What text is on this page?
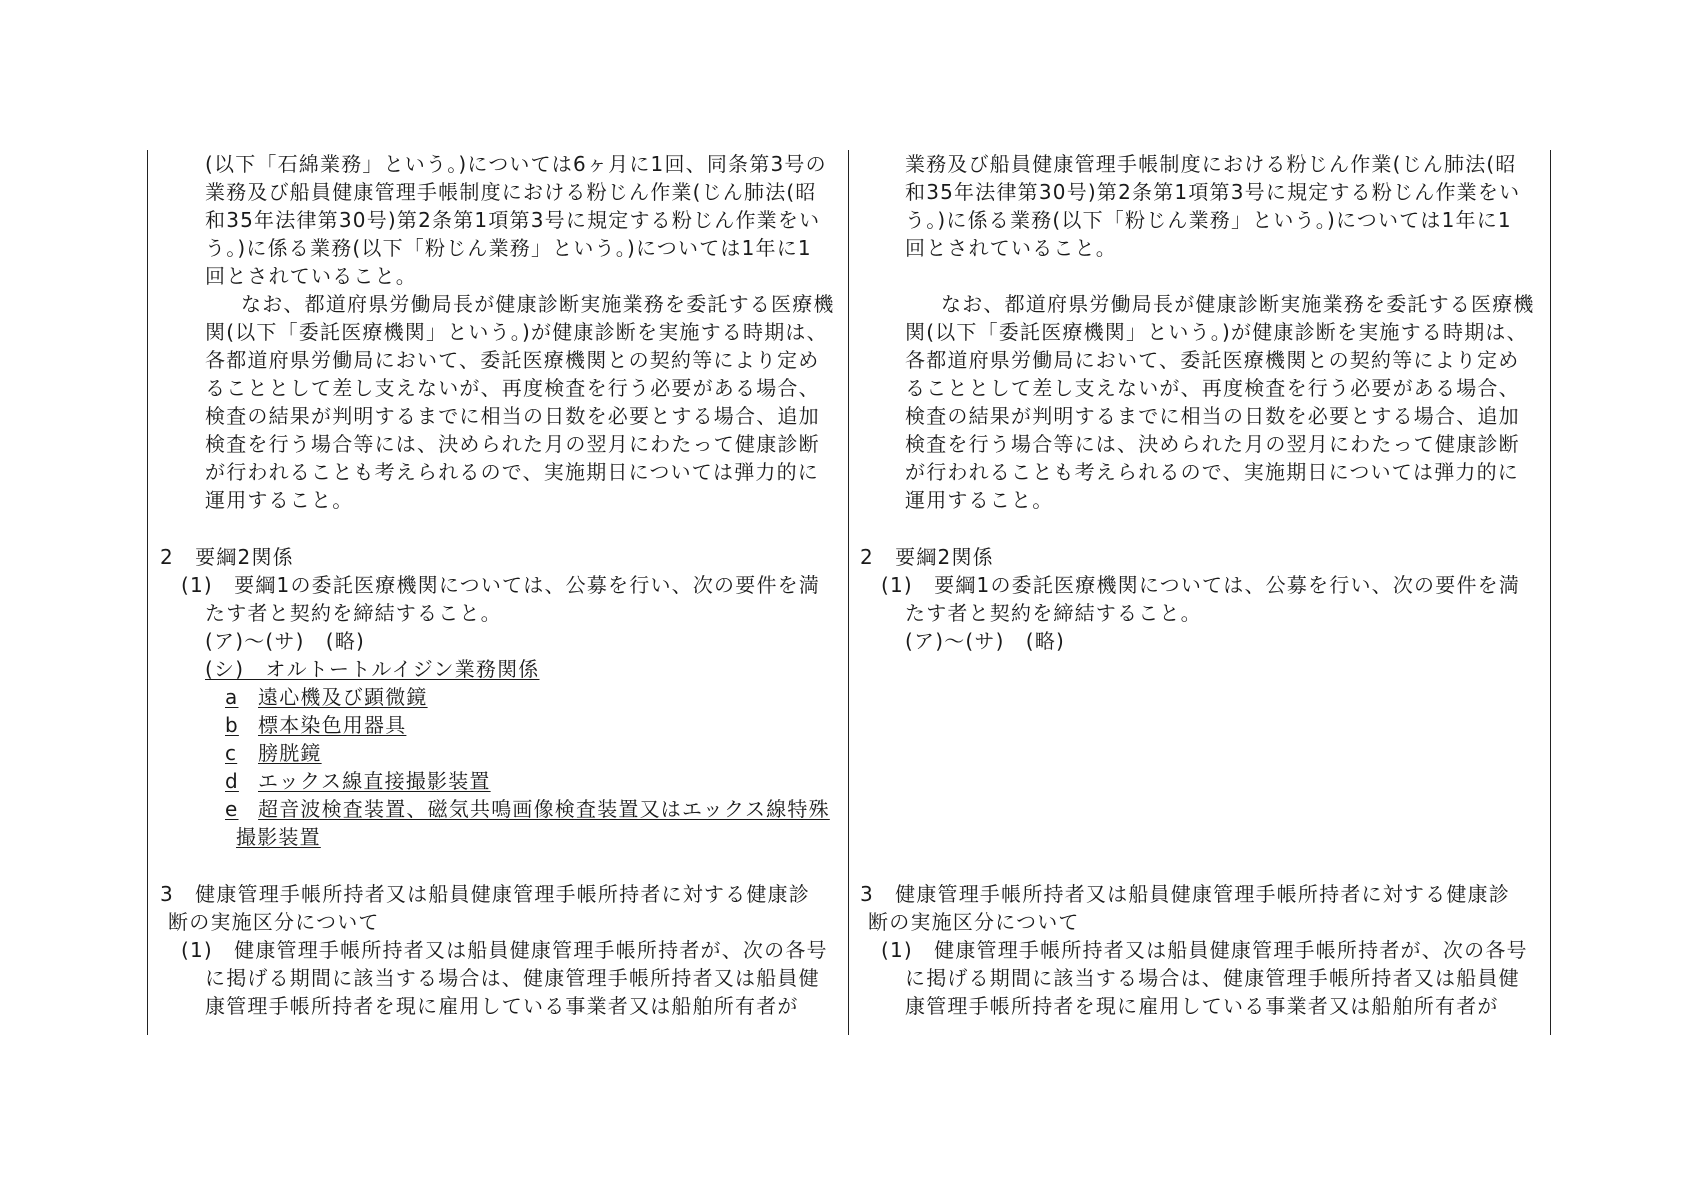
(以下「石綿業務」という。)については6ヶ月に1回、同条第3号の
業務及び船員健康管理手帳制度における粉じん作業(じん肺法(昭
和35年法律第30号)第2条第1項第3号に規定する粉じん作業をい
う。)に係る業務(以下「粉じん業務」という。)については1年に1
回とされていること。
なお、都道府県労働局長が健康診断実施業務を委託する医療機
関(以下「委託医療機関」という。)が健康診断を実施する時期は、
各都道府県労働局において、委託医療機関との契約等により定め
ることとして差し支えないが、再度検査を行う必要がある場合、
検査の結果が判明するまでに相当の日数を必要とする場合、追加
検査を行う場合等には、決められた月の翌月にわたって健康診断
が行われることも考えられるので、実施期日については弾力的に
運用すること。
2　要綱2関係
(1)　要綱1の委託医療機関については、公募を行い、次の要件を満
たす者と契約を締結すること。
(ア)～(サ)　(略)
(シ)　オルトートルイジン業務関係
a 遠心機及び顕微鏡
b 標本染色用器具
c 膀胱鏡
d エックス線直接撮影装置
e 超音波検査装置、磁気共鳴画像検査装置又はエックス線特殊
撮影装置
3　健康管理手帳所持者又は船員健康管理手帳所持者に対する健康診
断の実施区分について
(1)　健康管理手帳所持者又は船員健康管理手帳所持者が、次の各号
に掲げる期間に該当する場合は、健康管理手帳所持者又は船員健
康管理手帳所持者を現に雇用している事業者又は船舶所有者が
業務及び船員健康管理手帳制度における粉じん作業(じん肺法(昭
和35年法律第30号)第2条第1項第3号に規定する粉じん作業をい
う。)に係る業務(以下「粉じん業務」という。)については1年に1
回とされていること。
なお、都道府県労働局長が健康診断実施業務を委託する医療機
関(以下「委託医療機関」という。)が健康診断を実施する時期は、
各都道府県労働局において、委託医療機関との契約等により定め
ることとして差し支えないが、再度検査を行う必要がある場合、
検査の結果が判明するまでに相当の日数を必要とする場合、追加
検査を行う場合等には、決められた月の翌月にわたって健康診断
が行われることも考えられるので、実施期日については弾力的に
運用すること。
2　要綱2関係
(1)　要綱1の委託医療機関については、公募を行い、次の要件を満
たす者と契約を締結すること。
(ア)～(サ)　(略)
3　健康管理手帳所持者又は船員健康管理手帳所持者に対する健康診
断の実施区分について
(1)　健康管理手帳所持者又は船員健康管理手帳所持者が、次の各号
に掲げる期間に該当する場合は、健康管理手帳所持者又は船員健
康管理手帳所持者を現に雇用している事業者又は船舶所有者が
